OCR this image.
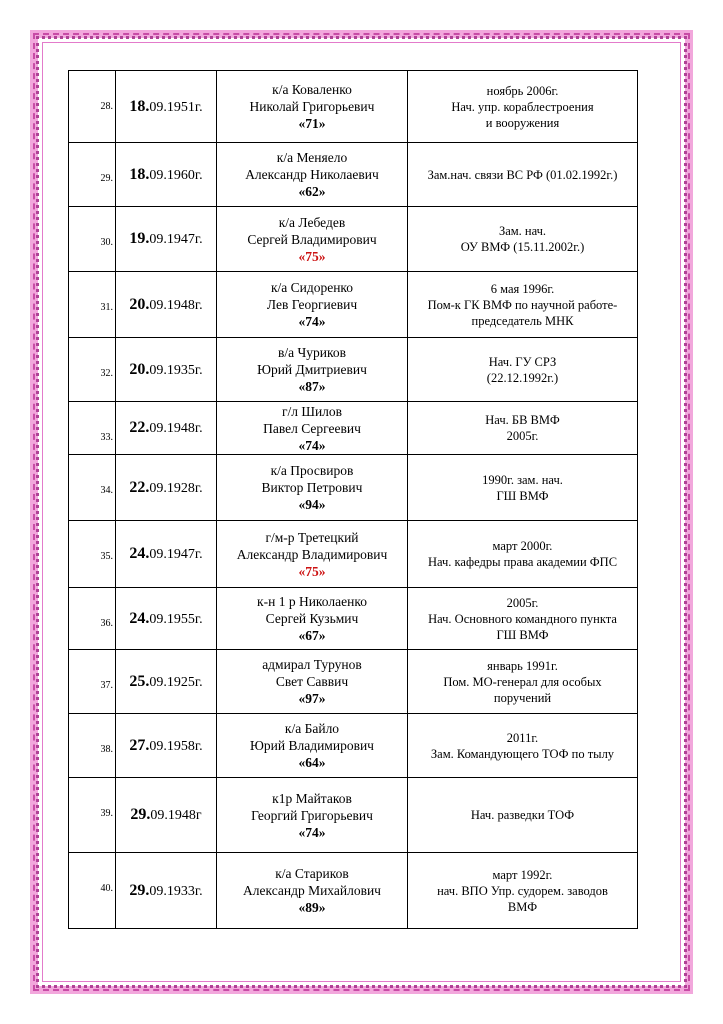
28.	18.09.1951г.	к/а Коваленко
Николай Григорьевич
«71»	ноябрь 2006г.
Нач. упр. кораблестроения
и вооружения

29.	18.09.1960г.	к/а Меняело
Александр Николаевич
«62»	Зам.нач. связи ВС РФ (01.02.1992г.)

30.	19.09.1947г.	к/а Лебедев
Сергей Владимирович
«75»	Зам. нач.
ОУ ВМФ (15.11.2002г.)

31.	20.09.1948г.	к/а Сидоренко
Лев Георгиевич
«74»	6 мая 1996г.
Пом-к ГК ВМФ по научной работе-
председатель МНК

32.	20.09.1935г.	в/а Чуриков
Юрий Дмитриевич
«87»	Нач. ГУ СРЗ
(22.12.1992г.)

33.	22.09.1948г.	г/л Шилов
Павел Сергеевич
«74»	Нач. БВ ВМФ
2005г.

34.	22.09.1928г.	к/а Просвиров
Виктор Петрович
«94»	1990г. зам. нач.
ГШ ВМФ

35.	24.09.1947г.	г/м-р Третецкий
Александр Владимирович
«75»	март 2000г.
Нач. кафедры права академии ФПС

36.	24.09.1955г.	к-н 1 р Николаенко
Сергей Кузьмич
«67»	2005г.
Нач. Основного командного пункта
ГШ ВМФ

37.	25.09.1925г.	адмирал Турунов
Свет Саввич
«97»	январь 1991г.
Пом. МО-генерал для особых
поручений

38.	27.09.1958г.	к/а Байло
Юрий Владимирович
«64»	2011г.
Зам. Командующего ТОФ по тылу

39.	29.09.1948г	к1р Майтаков
Георгий Григорьевич
«74»	Нач. разведки ТОФ

40.	29.09.1933г.	к/а Стариков
Александр Михайлович
«89»	март 1992г.
нач. ВПО Упр. судорем. заводов
ВМФ
